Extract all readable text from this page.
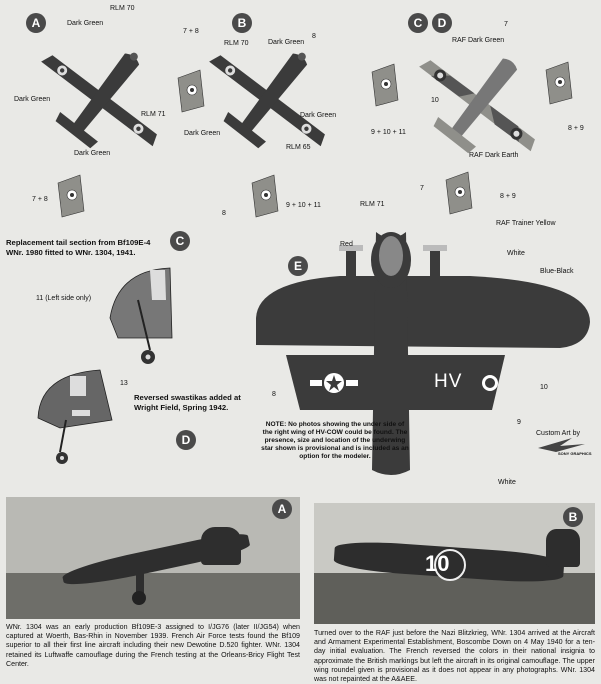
A
RLM 70
Dark Green
7 + 8
Dark Green
RLM 71
Dark Green
Dark Green
7 + 8
B
RLM 70	Dark Green
8
Dark Green
9 + 10 + 11
RLM 65
8
9 + 10 + 11	RLM 71
C	D	7
RAF Dark Green
10
8 + 9
RAF Dark Earth
7
8 + 9
RAF Trainer Yellow
Replacement tail section from Bf109E-4 WNr. 1980 fitted to WNr. 1304, 1941.
C
11 (Left side only)
13
Reversed swastikas added at Wright Field, Spring 1942.
D
E
Red
White
Blue-Black
8
10
9
White
HV
NOTE: No photos showing the under side of the right wing of HV-COW could be found. The presence, size and location of the underwing star shown is provisional and is included as an option for the modeler.
Custom Art by
SONY GRAPHICS
A
WNr. 1304 was an early production Bf109E-3 assigned to I/JG76 (later II/JG54) when captured at Woerth, Bas-Rhin in November 1939. French Air Force tests found the Bf109 superior to all their first line aircraft including their new Dewotine D.520 fighter. WNr. 1304 retained its Luftwaffe camouflage during the French testing at the Orleans-Bricy Flight Test Center.
10
B
Turned over to the RAF just before the Nazi Blitzkrieg, WNr. 1304 arrived at the Aircraft and Armament Experimental Establishment, Boscombe Down on 4 May 1940 for a ten-day initial evaluation. The French reversed the colors in their national insignia to approximate the British markings but left the aircraft in its original camouflage. The upper wing roundel given is provisional as it does not appear in any photographs. WNr. 1304 was not repainted at the A&AEE.
